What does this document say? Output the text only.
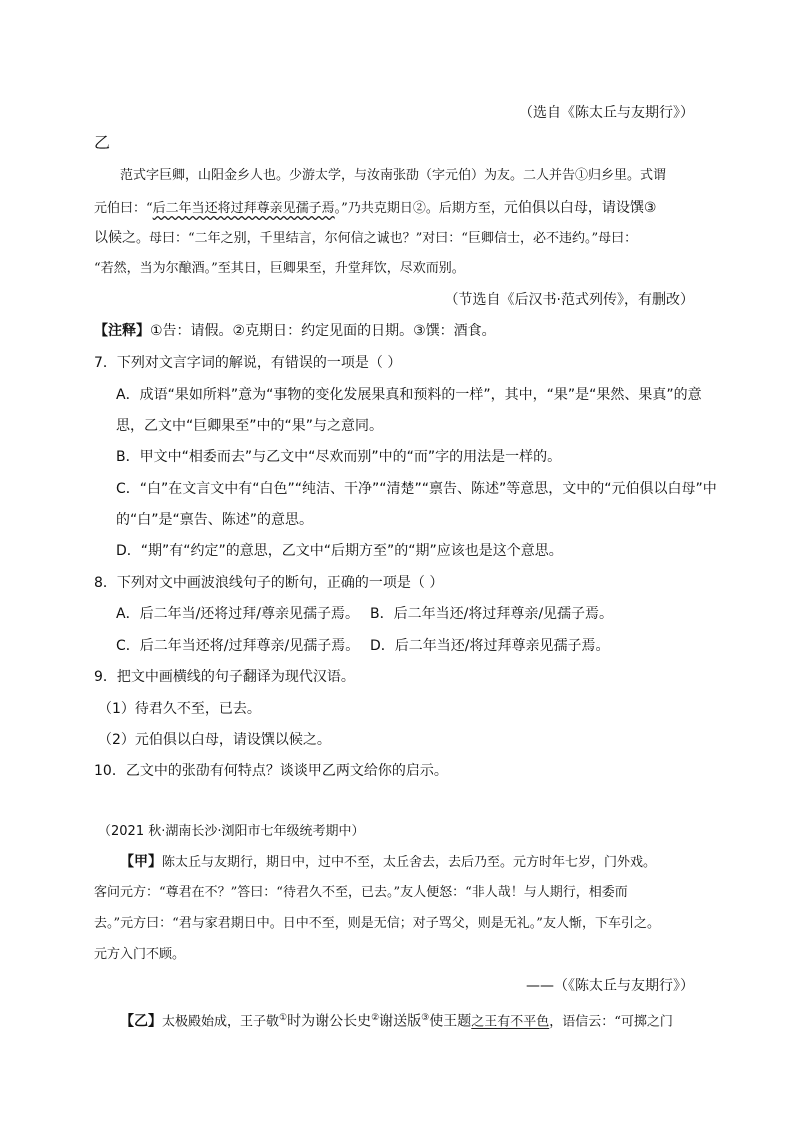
（选自《陈太丘与友期行》）
乙
范式字巨卿，山阳金乡人也。少游太学，与汝南张劭（字元伯）为友。二人并告①归乡里。式谓
元伯曰：“后二年当还将过拜尊亲见孺子焉。”乃共克期日②。后期方至，元伯俱以白母，请设馔③
以候之。母曰：“二年之别，千里结言，尔何信之诚也？”对曰：“巨卿信士，必不违约。”母曰：
“若然，当为尔酿酒。”至其日，巨卿果至，升堂拜饮，尽欢而别。
（节选自《后汉书·范式列传》，有删改）
【注释】①告：请假。②克期日：约定见面的日期。③馔：酒食。
7．下列对文言字词的解说，有错误的一项是（ ）
A．成语“果如所料”意为“事物的变化发展果真和预料的一样”，其中，“果”是“果然、果真”的意
思，乙文中“巨卿果至”中的“果”与之意同。
B．甲文中“相委而去”与乙文中“尽欢而别”中的“而”字的用法是一样的。
C．“白”在文言文中有“白色”“纯洁、干净”“清楚”“禀告、陈述”等意思，文中的“元伯俱以白母”中
的“白”是“禀告、陈述”的意思。
D．“期”有“约定”的意思，乙文中“后期方至”的“期”应该也是这个意思。
8．下列对文中画波浪线句子的断句，正确的一项是（ ）
A．后二年当/还将过拜/尊亲见孺子焉。 B．后二年当还/将过拜尊亲/见孺子焉。
C．后二年当还将/过拜尊亲/见孺子焉。 D．后二年当还/将过拜尊亲见孺子焉。
9．把文中画横线的句子翻译为现代汉语。
（1）待君久不至，已去。
（2）元伯俱以白母，请设馔以候之。
10．乙文中的张劭有何特点？谈谈甲乙两文给你的启示。
（2021 秋·湖南长沙·浏阳市七年级统考期中）
【甲】陈太丘与友期行，期日中，过中不至，太丘舍去，去后乃至。元方时年七岁，门外戏。
客问元方：“尊君在不？”答曰：“待君久不至，已去。”友人便怒：“非人哉！与人期行，相委而
去。”元方曰：“君与家君期日中。日中不至，则是无信；对子骂父，则是无礼。”友人惭，下车引之。
元方入门不顾。
——（《陈太丘与友期行》）
【乙】太极殿始成，王子敬①时为谢公长史②谢送版③使王题之王有不平色，语信云：“可掷之门
